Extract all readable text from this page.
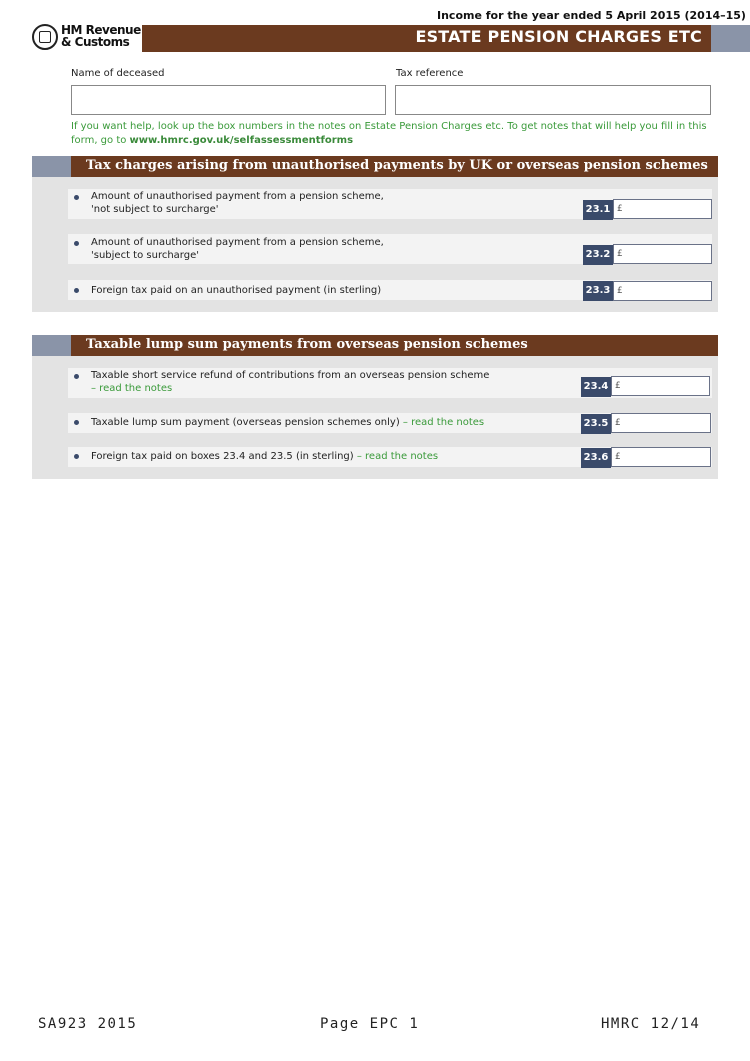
HM Revenue
& Customs
Income for the year ended 5 April 2015 (2014–15)
ESTATE PENSION CHARGES ETC
Name of deceased	Tax reference
If you want help, look up the box numbers in the notes on Estate Pension Charges etc. To get notes that will help you fill in this form, go to www.hmrc.gov.uk/selfassessmentforms
Tax charges arising from unauthorised payments by UK or overseas pension schemes
Amount of unauthorised payment from a pension scheme,
'not subject to surcharge'	23.1 £
Amount of unauthorised payment from a pension scheme,
'subject to surcharge'	23.2 £
Foreign tax paid on an unauthorised payment (in sterling)	23.3 £
Taxable lump sum payments from overseas pension schemes
Taxable short service refund of contributions from an overseas pension scheme
– read the notes	23.4 £
Taxable lump sum payment (overseas pension schemes only) – read the notes	23.5 £
Foreign tax paid on boxes 23.4 and 23.5 (in sterling) – read the notes	23.6 £
SA923 2015	Page EPC 1	HMRC 12/14
